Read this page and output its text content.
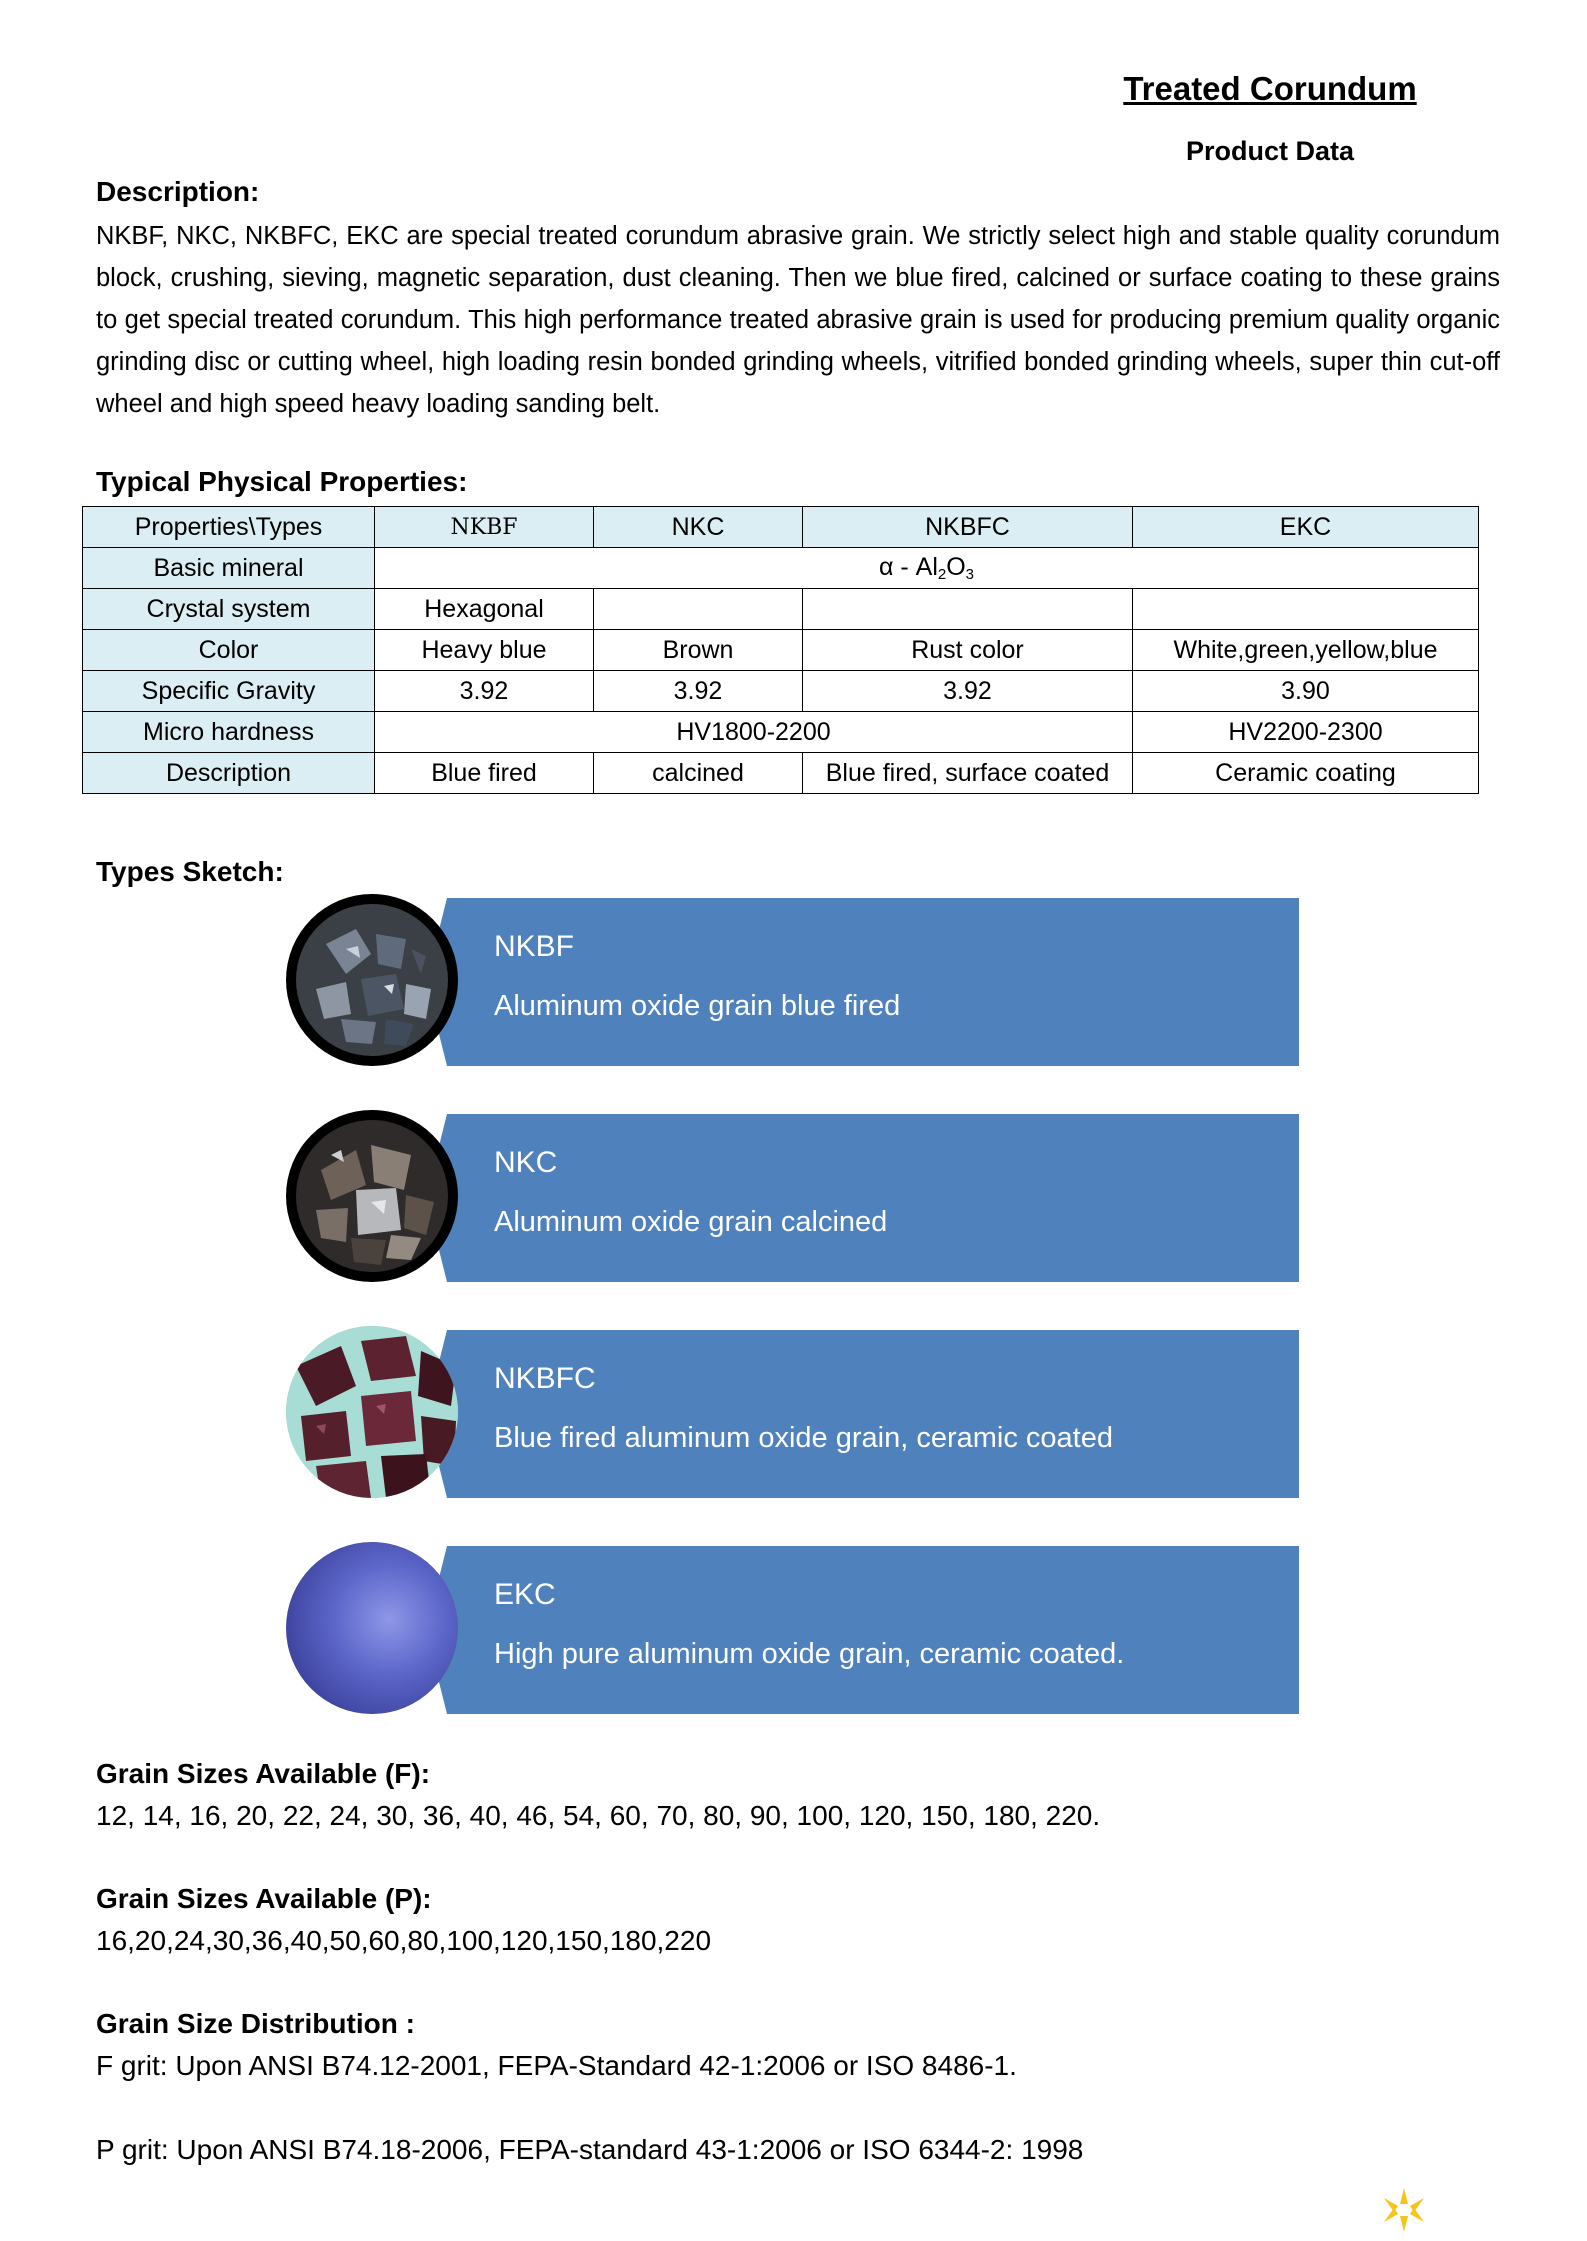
Treated Corundum
Product Data
Description:
NKBF, NKC, NKBFC, EKC are special treated corundum abrasive grain. We strictly select high and stable quality corundum block, crushing, sieving, magnetic separation, dust cleaning. Then we blue fired, calcined or surface coating to these grains to get special treated corundum. This high performance treated abrasive grain is used for producing premium quality organic grinding disc or cutting wheel, high loading resin bonded grinding wheels, vitrified bonded grinding wheels, super thin cut-off wheel and high speed heavy loading sanding belt.
Typical Physical Properties:
Properties\Types	NKBF	NKC	NKBFC	EKC
Basic mineral	α - $Al_2O_3$
Crystal system	Hexagonal			
Color	Heavy blue	Brown	Rust color	White,green,yellow,blue
Specific Gravity	3.92	3.92	3.92	3.90
Micro hardness	HV1800-2200			HV2200-2300
Description	Blue fired	calcined	Blue fired, surface coated	Ceramic coating
Types Sketch:
NKBF
Aluminum oxide grain blue fired
NKC
Aluminum oxide grain calcined
NKBFC
Blue fired aluminum oxide grain, ceramic coated
EKC
High pure aluminum oxide grain, ceramic coated.
Grain Sizes Available (F):
12, 14, 16, 20, 22, 24, 30, 36, 40, 46, 54, 60, 70, 80, 90, 100, 120, 150, 180, 220.
Grain Sizes Available (P):
16,20,24,30,36,40,50,60,80,100,120,150,180,220
Grain Size Distribution :
F grit: Upon ANSI B74.12-2001, FEPA-Standard 42-1:2006 or ISO 8486-1.
P grit: Upon ANSI B74.18-2006, FEPA-standard 43-1:2006 or ISO 6344-2: 1998
